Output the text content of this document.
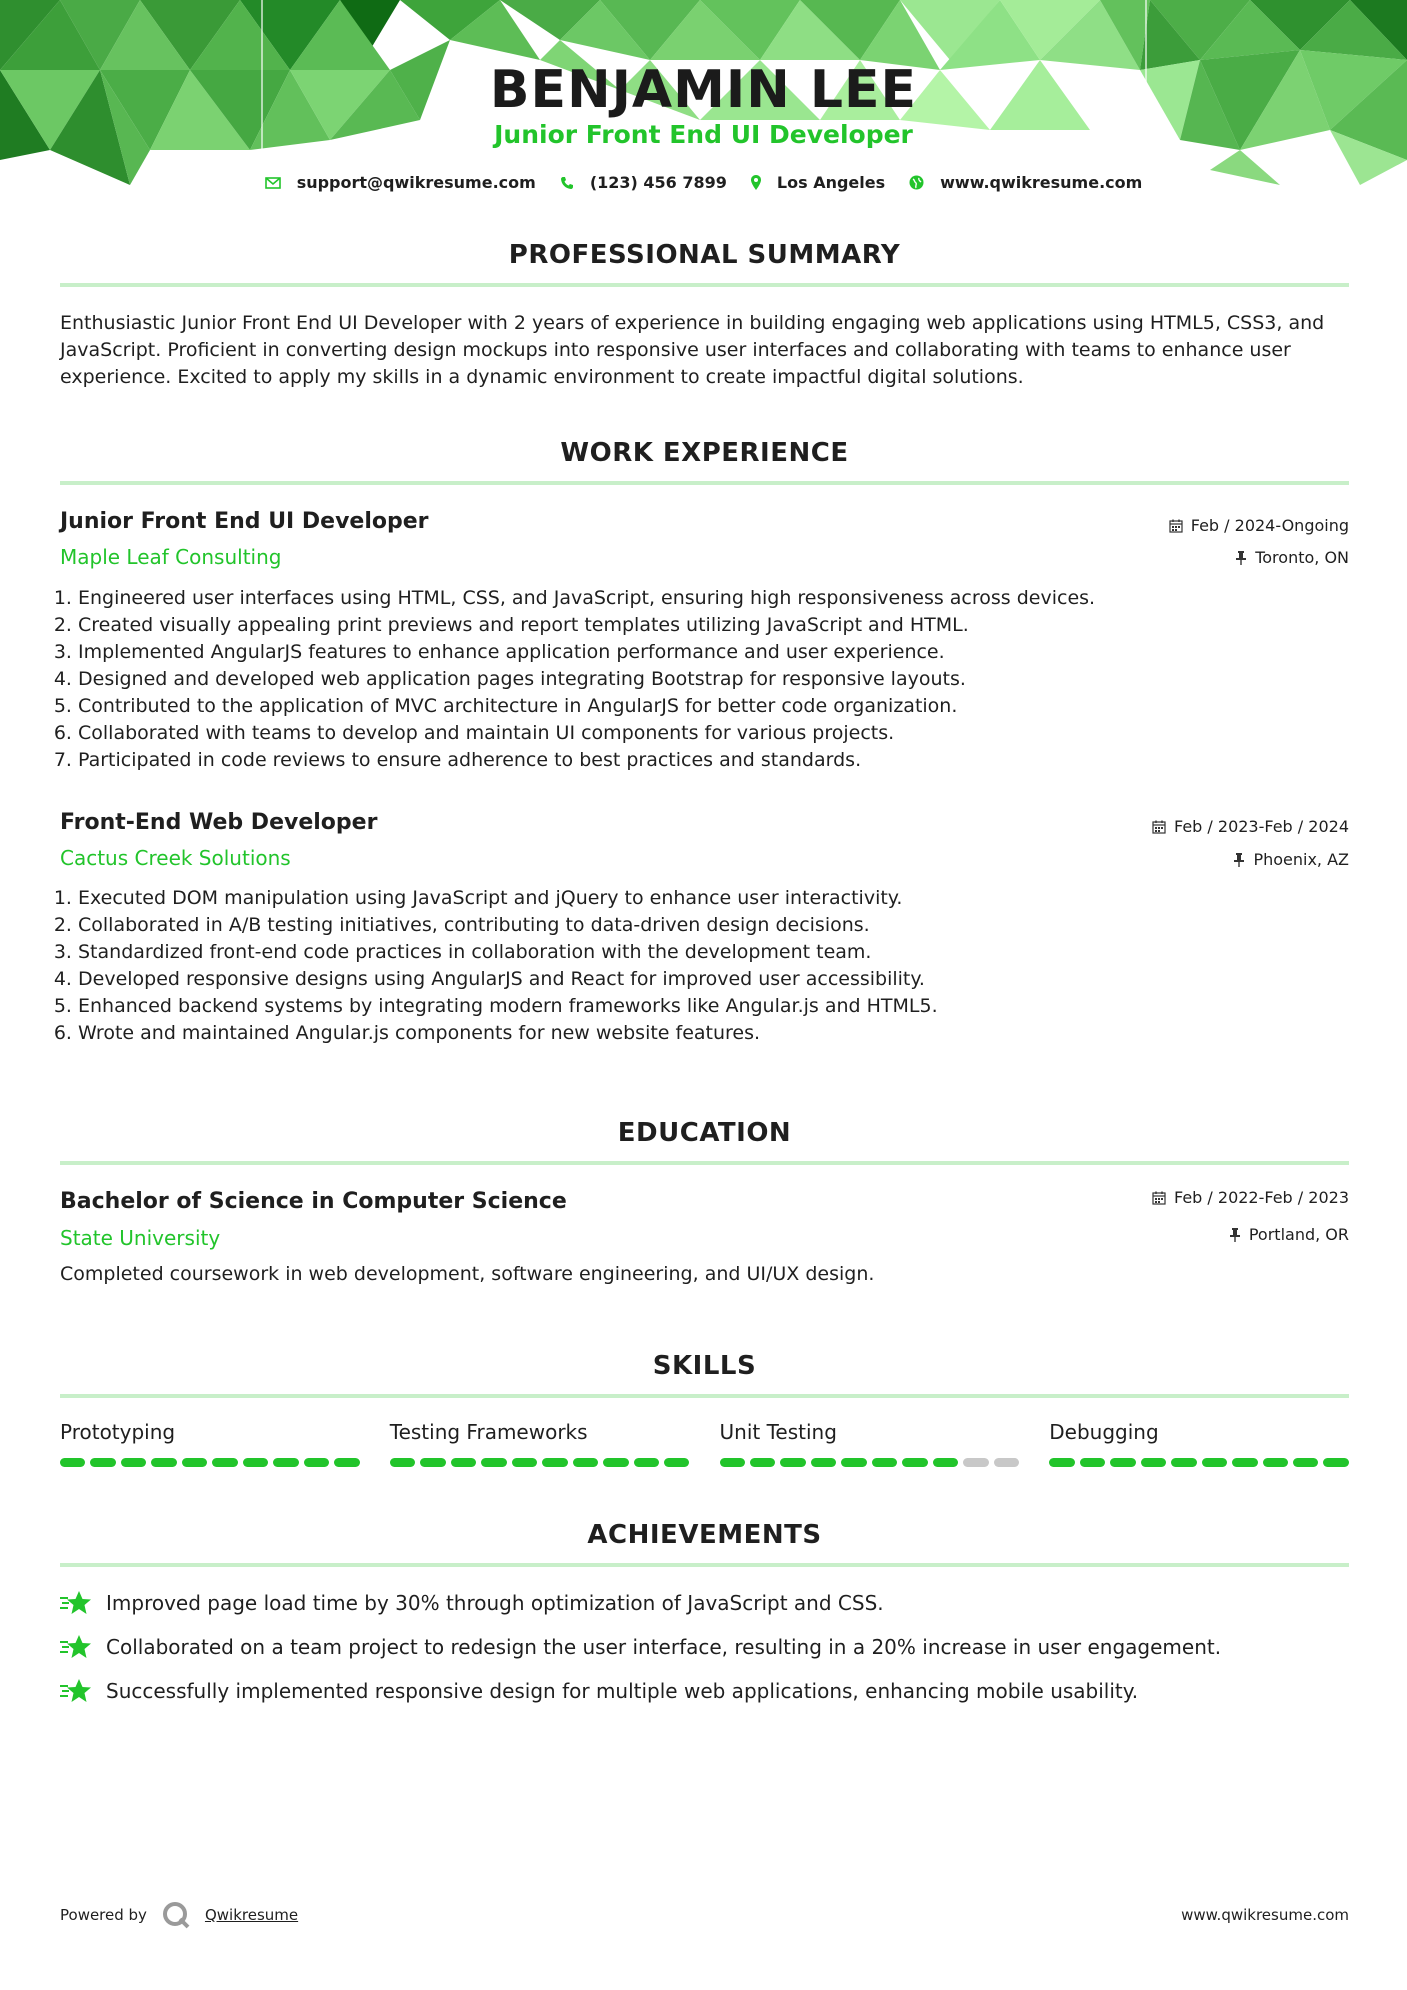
BENJAMIN LEE
Junior Front End UI Developer
support@qwikresume.com	(123) 456 7899	Los Angeles	www.qwikresume.com
PROFESSIONAL SUMMARY
Enthusiastic Junior Front End UI Developer with 2 years of experience in building engaging web applications using HTML5, CSS3, and JavaScript. Proficient in converting design mockups into responsive user interfaces and collaborating with teams to enhance user experience. Excited to apply my skills in a dynamic environment to create impactful digital solutions.
WORK EXPERIENCE
Junior Front End UI Developer
Maple Leaf Consulting
Feb / 2024-Ongoing
Toronto, ON
1. Engineered user interfaces using HTML, CSS, and JavaScript, ensuring high responsiveness across devices.
2. Created visually appealing print previews and report templates utilizing JavaScript and HTML.
3. Implemented AngularJS features to enhance application performance and user experience.
4. Designed and developed web application pages integrating Bootstrap for responsive layouts.
5. Contributed to the application of MVC architecture in AngularJS for better code organization.
6. Collaborated with teams to develop and maintain UI components for various projects.
7. Participated in code reviews to ensure adherence to best practices and standards.
Front-End Web Developer
Cactus Creek Solutions
Feb / 2023-Feb / 2024
Phoenix, AZ
1. Executed DOM manipulation using JavaScript and jQuery to enhance user interactivity.
2. Collaborated in A/B testing initiatives, contributing to data-driven design decisions.
3. Standardized front-end code practices in collaboration with the development team.
4. Developed responsive designs using AngularJS and React for improved user accessibility.
5. Enhanced backend systems by integrating modern frameworks like Angular.js and HTML5.
6. Wrote and maintained Angular.js components for new website features.
EDUCATION
Bachelor of Science in Computer Science
State University
Feb / 2022-Feb / 2023
Portland, OR
Completed coursework in web development, software engineering, and UI/UX design.
SKILLS
Prototyping	Testing Frameworks	Unit Testing	Debugging
ACHIEVEMENTS
Improved page load time by 30% through optimization of JavaScript and CSS.
Collaborated on a team project to redesign the user interface, resulting in a 20% increase in user engagement.
Successfully implemented responsive design for multiple web applications, enhancing mobile usability.
Powered by	Qwikresume	www.qwikresume.com
